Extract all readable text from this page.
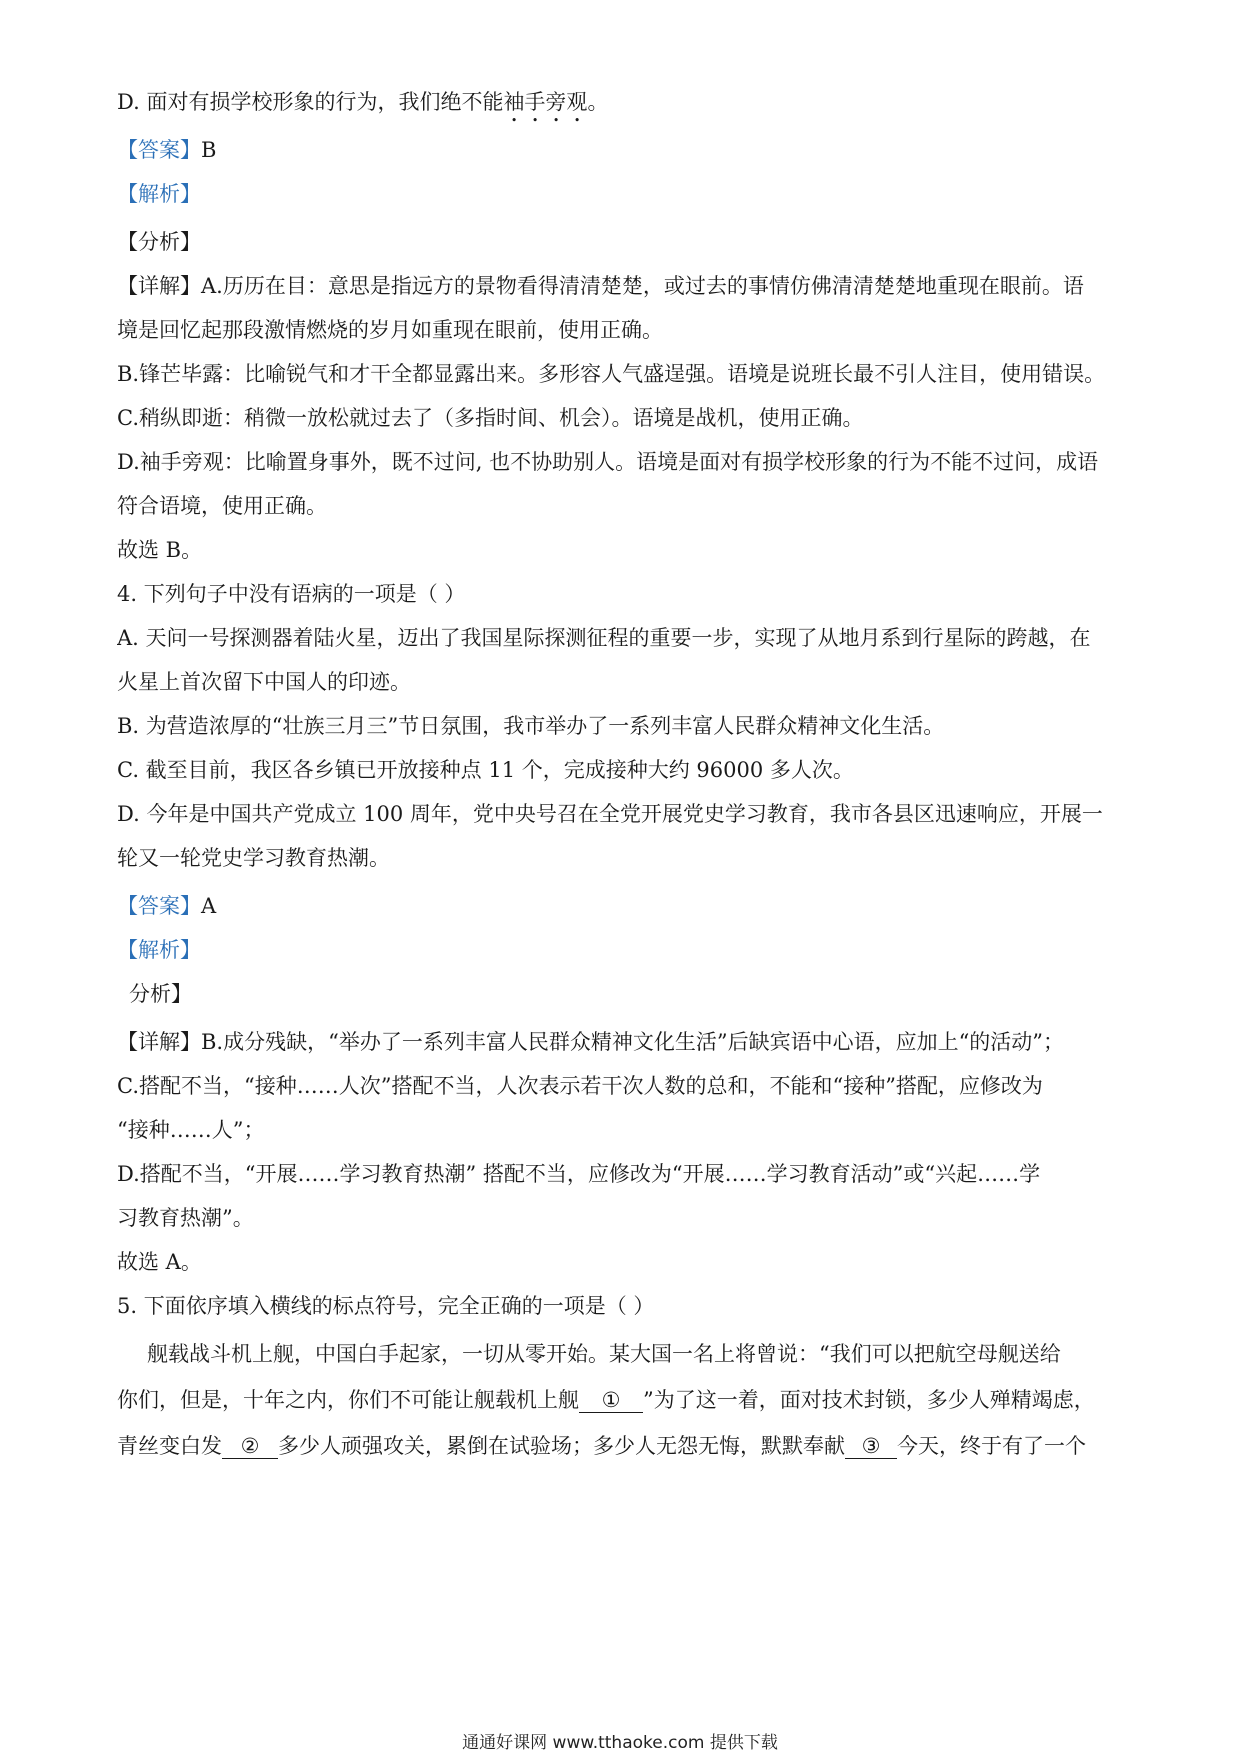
D. 面对有损学校形象的行为，我们绝不能袖手旁观。
【答案】B
【解析】
【分析】
【详解】A.历历在目：意思是指远方的景物看得清清楚楚，或过去的事情仿佛清清楚楚地重现在眼前。语
境是回忆起那段激情燃烧的岁月如重现在眼前，使用正确。
B.锋芒毕露：比喻锐气和才干全都显露出来。多形容人气盛逞强。语境是说班长最不引人注目，使用错误。
C.稍纵即逝：稍微一放松就过去了（多指时间、机会）。语境是战机，使用正确。
D.袖手旁观：比喻置身事外，既不过问, 也不协助别人。语境是面对有损学校形象的行为不能不过问，成语
符合语境，使用正确。
故选 B。
4. 下列句子中没有语病的一项是（ ）
A. 天问一号探测器着陆火星，迈出了我国星际探测征程的重要一步，实现了从地月系到行星际的跨越，在
火星上首次留下中国人的印迹。
B. 为营造浓厚的“壮族三月三”节日氛围，我市举办了一系列丰富人民群众精神文化生活。
C. 截至目前，我区各乡镇已开放接种点 11 个，完成接种大约 96000 多人次。
D. 今年是中国共产党成立 100 周年，党中央号召在全党开展党史学习教育，我市各县区迅速响应，开展一
轮又一轮党史学习教育热潮。
【答案】A
【解析】
分析】
【详解】B.成分残缺，“举办了一系列丰富人民群众精神文化生活”后缺宾语中心语，应加上“的活动”；
C.搭配不当，“接种……人次”搭配不当，人次表示若干次人数的总和，不能和“接种”搭配，应修改为
“接种……人”；
D.搭配不当，“开展……学习教育热潮” 搭配不当，应修改为“开展……学习教育活动”或“兴起……学
习教育热潮”。
故选 A。
5. 下面依序填入横线的标点符号，完全正确的一项是（ ）
舰载战斗机上舰，中国白手起家，一切从零开始。某大国一名上将曾说：“我们可以把航空母舰送给
你们，但是，十年之内，你们不可能让舰载机上舰 ① ”为了这一着，面对技术封锁，多少人殚精竭虑，
青丝变白发 ② 多少人顽强攻关，累倒在试验场；多少人无怨无悔，默默奉献 ③ 今天，终于有了一个
通通好课网 www.tthaoke.com 提供下载
